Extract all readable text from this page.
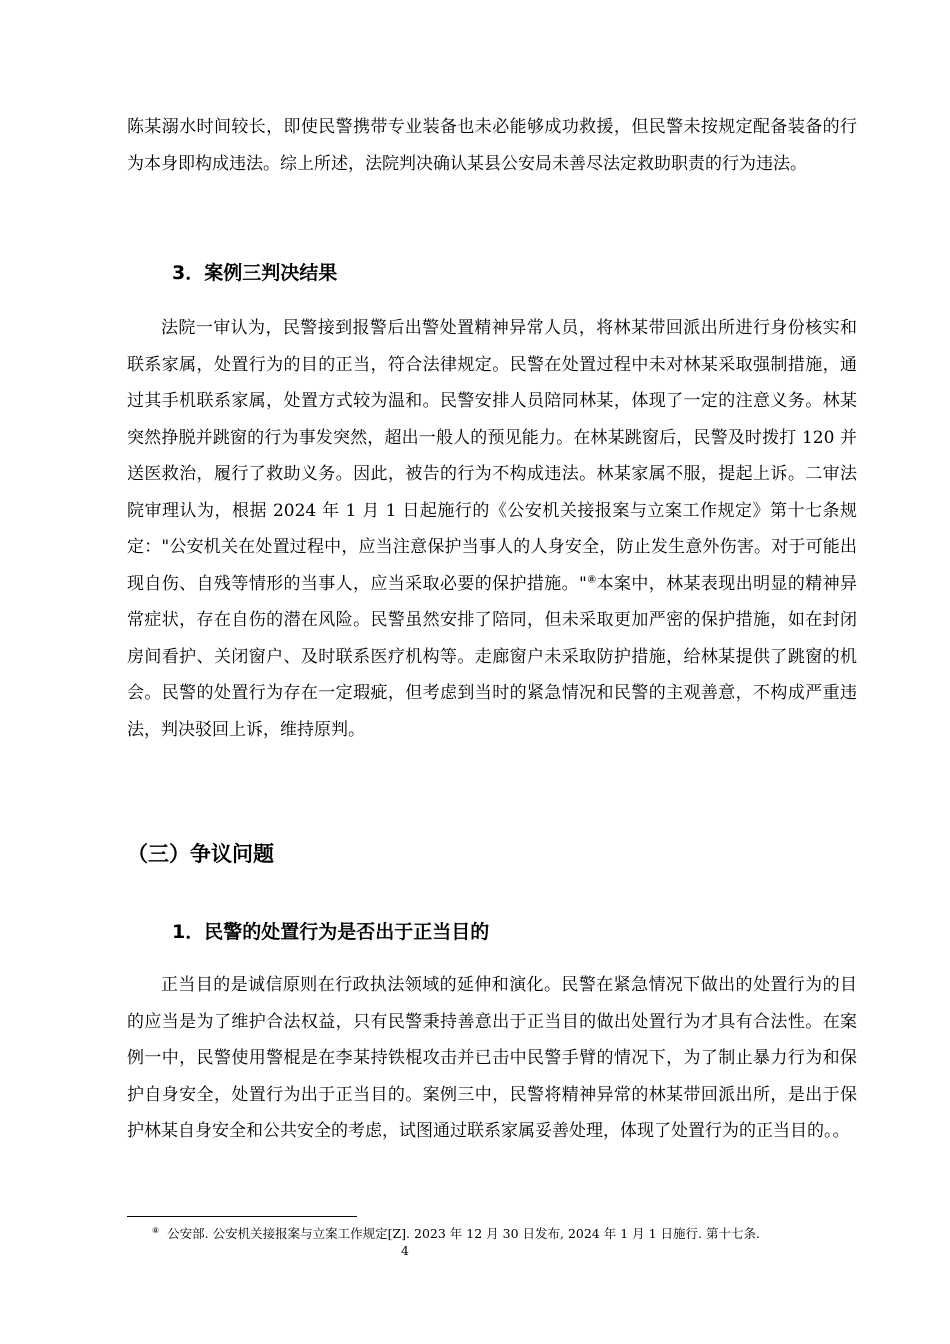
陈某溺水时间较长，即使民警携带专业装备也未必能够成功救援，但民警未按规定配备装备的行为本身即构成违法。综上所述，法院判决确认某县公安局未善尽法定救助职责的行为违法。

3．案例三判决结果

法院一审认为，民警接到报警后出警处置精神异常人员，将林某带回派出所进行身份核实和联系家属，处置行为的目的正当，符合法律规定。民警在处置过程中未对林某采取强制措施，通过其手机联系家属，处置方式较为温和。民警安排人员陪同林某，体现了一定的注意义务。林某突然挣脱并跳窗的行为事发突然，超出一般人的预见能力。在林某跳窗后，民警及时拨打 120 并送医救治，履行了救助义务。因此，被告的行为不构成违法。林某家属不服，提起上诉。二审法院审理认为，根据 2024 年 1 月 1 日起施行的《公安机关接报案与立案工作规定》第十七条规定："公安机关在处置过程中，应当注意保护当事人的人身安全，防止发生意外伤害。对于可能出现自伤、自残等情形的当事人，应当采取必要的保护措施。"⑧本案中，林某表现出明显的精神异常症状，存在自伤的潜在风险。民警虽然安排了陪同，但未采取更加严密的保护措施，如在封闭房间看护、关闭窗户、及时联系医疗机构等。走廊窗户未采取防护措施，给林某提供了跳窗的机会。民警的处置行为存在一定瑕疵，但考虑到当时的紧急情况和民警的主观善意，不构成严重违法，判决驳回上诉，维持原判。

（三）争议问题
1．民警的处置行为是否出于正当目的

正当目的是诚信原则在行政执法领域的延伸和演化。民警在紧急情况下做出的处置行为的目的应当是为了维护合法权益，只有民警秉持善意出于正当目的做出处置行为才具有合法性。在案例一中，民警使用警棍是在李某持铁棍攻击并已击中民警手臂的情况下，为了制止暴力行为和保护自身安全，处置行为出于正当目的。案例三中，民警将精神异常的林某带回派出所，是出于保护林某自身安全和公共安全的考虑，试图通过联系家属妥善处理，体现了处置行为的正当目的。。

⑧ 公安部. 公安机关接报案与立案工作规定[Z]. 2023 年 12 月 30 日发布, 2024 年 1 月 1 日施行. 第十七条.

4
